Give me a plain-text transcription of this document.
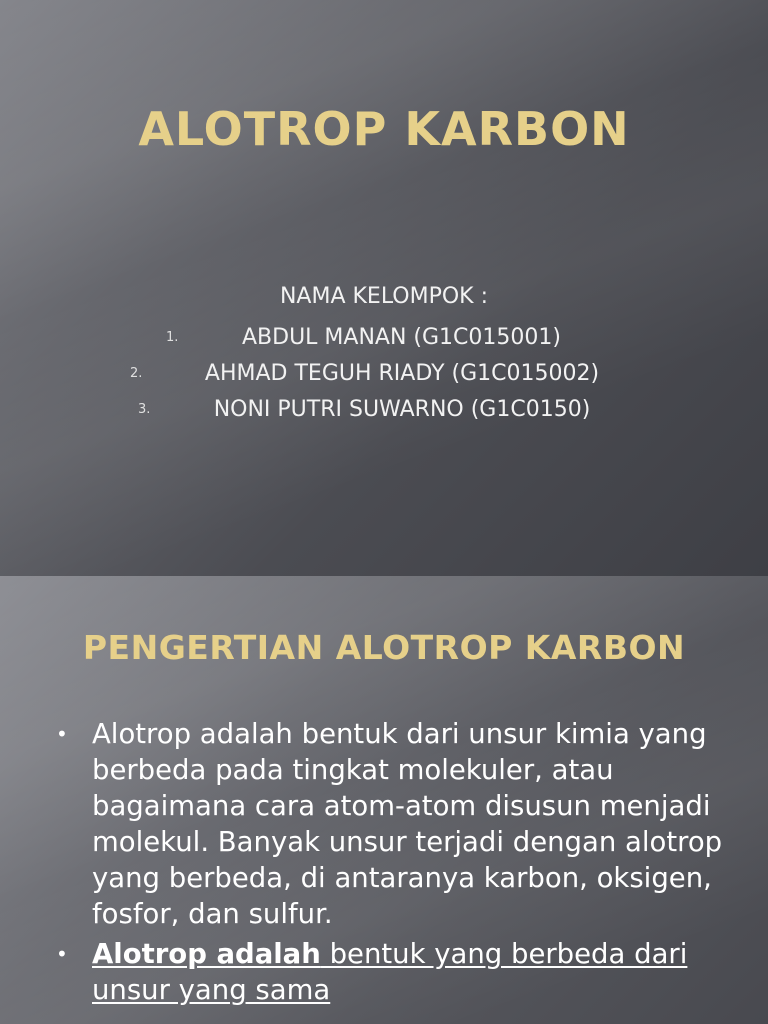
ALOTROP KARBON
NAMA KELOMPOK :
1.	ABDUL MANAN (G1C015001)
2.	AHMAD TEGUH RIADY (G1C015002)
3.	NONI PUTRI SUWARNO (G1C0150)
PENGERTIAN ALOTROP KARBON
• Alotrop adalah bentuk dari unsur kimia yang berbeda pada tingkat molekuler, atau bagaimana cara atom-atom disusun menjadi molekul. Banyak unsur terjadi dengan alotrop yang berbeda, di antaranya karbon, oksigen, fosfor, dan sulfur.
• Alotrop adalah bentuk yang berbeda dari unsur yang sama
